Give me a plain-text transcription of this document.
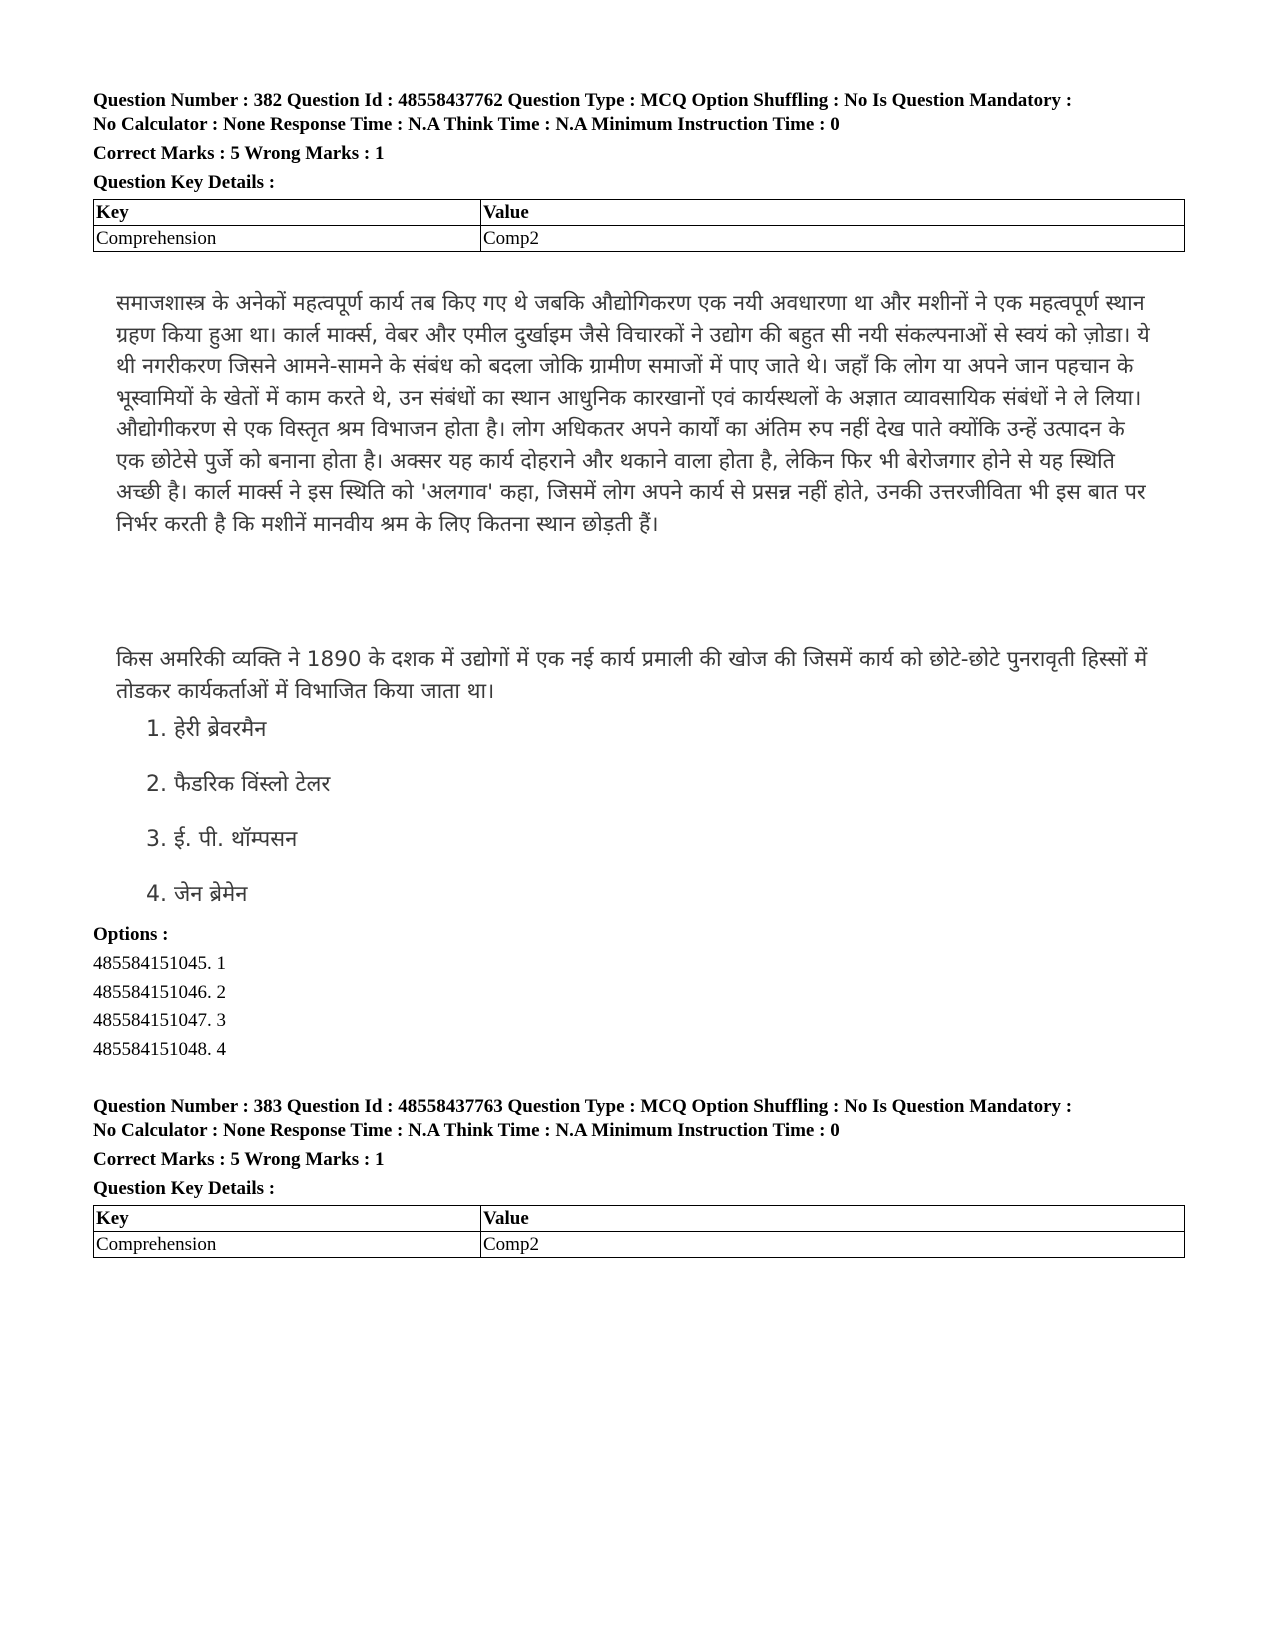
Question Number : 382 Question Id : 48558437762 Question Type : MCQ Option Shuffling : No Is Question Mandatory :
No Calculator : None Response Time : N.A Think Time : N.A Minimum Instruction Time : 0
Correct Marks : 5 Wrong Marks : 1
Question Key Details :
Key	Value
Comprehension	Comp2

समाजशास्त्र के अनेकों महत्वपूर्ण कार्य तब किए गए थे जबकि औद्योगिकरण एक नयी अवधारणा था और मशीनों ने एक महत्वपूर्ण स्थान ग्रहण किया हुआ था। कार्ल मार्क्स, वेबर और एमील दुर्खाइम जैसे विचारकों ने उद्योग की बहुत सी नयी संकल्पनाओं से स्वयं को ज़ोडा। ये थी नगरीकरण जिसने आमने-सामने के संबंध को बदला जोकि ग्रामीण समाजों में पाए जाते थे। जहाँ कि लोग या अपने जान पहचान के भूस्वामियों के खेतों में काम करते थे, उन संबंधों का स्थान आधुनिक कारखानों एवं कार्यस्थलों के अज्ञात व्यावसायिक संबंधों ने ले लिया। औद्योगीकरण से एक विस्तृत श्रम विभाजन होता है। लोग अधिकतर अपने कार्यों का अंतिम रुप नहीं देख पाते क्योंकि उन्हें उत्पादन के एक छोटेसे पुर्जे को बनाना होता है। अक्सर यह कार्य दोहराने और थकाने वाला होता है, लेकिन फिर भी बेरोजगार होने से यह स्थिति अच्छी है। कार्ल मार्क्स ने इस स्थिति को 'अलगाव' कहा, जिसमें लोग अपने कार्य से प्रसन्न नहीं होते, उनकी उत्तरजीविता भी इस बात पर निर्भर करती है कि मशीनें मानवीय श्रम के लिए कितना स्थान छोड़ती हैं।

किस अमरिकी व्यक्ति ने 1890 के दशक में उद्योगों में एक नई कार्य प्रमाली की खोज की जिसमें कार्य को छोटे-छोटे पुनरावृती हिस्सों में तोडकर कार्यकर्ताओं में विभाजित किया जाता था।

1. हेरी ब्रेवरमैन
2. फैडरिक विंस्लो टेलर
3. ई. पी. थॉम्पसन
4. जेन ब्रेमेन
Options :
485584151045. 1
485584151046. 2
485584151047. 3
485584151048. 4
Question Number : 383 Question Id : 48558437763 Question Type : MCQ Option Shuffling : No Is Question Mandatory :
No Calculator : None Response Time : N.A Think Time : N.A Minimum Instruction Time : 0
Correct Marks : 5 Wrong Marks : 1
Question Key Details :
Key	Value
Comprehension	Comp2
